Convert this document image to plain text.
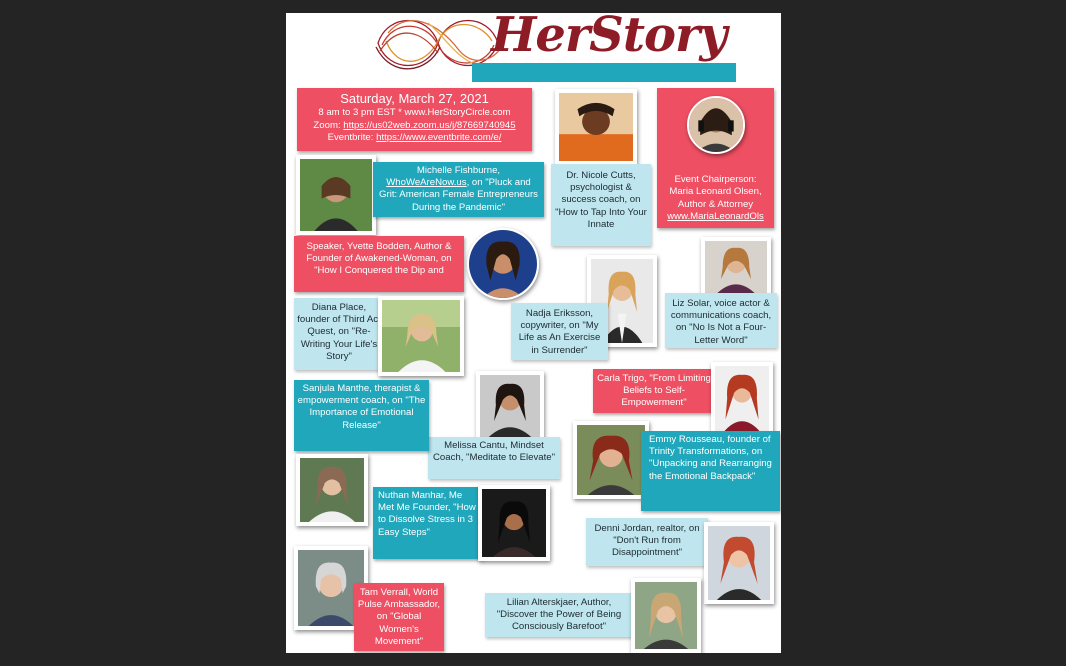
HerStory
Saturday, March 27, 2021
8 am to 3 pm EST * www.HerStoryCircle.com
Zoom: https://us02web.zoom.us/j/87669740945
Eventbrite: https://www.eventbrite.com/e/
Event Chairperson:
Maria Leonard Olsen,
Author & Attorney
www.MariaLeonardOls
Michelle Fishburne,
WhoWeAreNow.us, on "Pluck and Grit: American Female Entrepreneurs During the Pandemic"
Dr. Nicole Cutts, psychologist & success coach, on "How to Tap Into Your Innate
Speaker, Yvette Bodden, Author & Founder of Awakened-Woman, on "How I Conquered the Dip and
Liz Solar, voice actor & communications coach, on "No Is Not a Four-Letter Word"
Nadja Eriksson, copywriter, on "My Life as An Exercise in Surrender"
Diana Place, founder of Third Act Quest, on "Re-Writing Your Life's Story"
Carla Trigo, "From Limiting Beliefs to Self-Empowerment"
Melissa Cantu, Mindset Coach, "Meditate to Elevate"
Sanjula Manthe, therapist & empowerment coach, on "The Importance of Emotional Release"
Emmy Rousseau, founder of Trinity Transformations, on "Unpacking and Rearranging the Emotional Backpack"
Nuthan Manhar, Me Met Me Founder, "How to Dissolve Stress in 3 Easy Steps"	Denni Jordan, realtor, on "Don't Run from Disappointment"
Tam Verrall, World Pulse Ambassador, on "Global Women's Movement"
Lilian Alterskjaer, Author, "Discover the Power of Being Consciously Barefoot"
